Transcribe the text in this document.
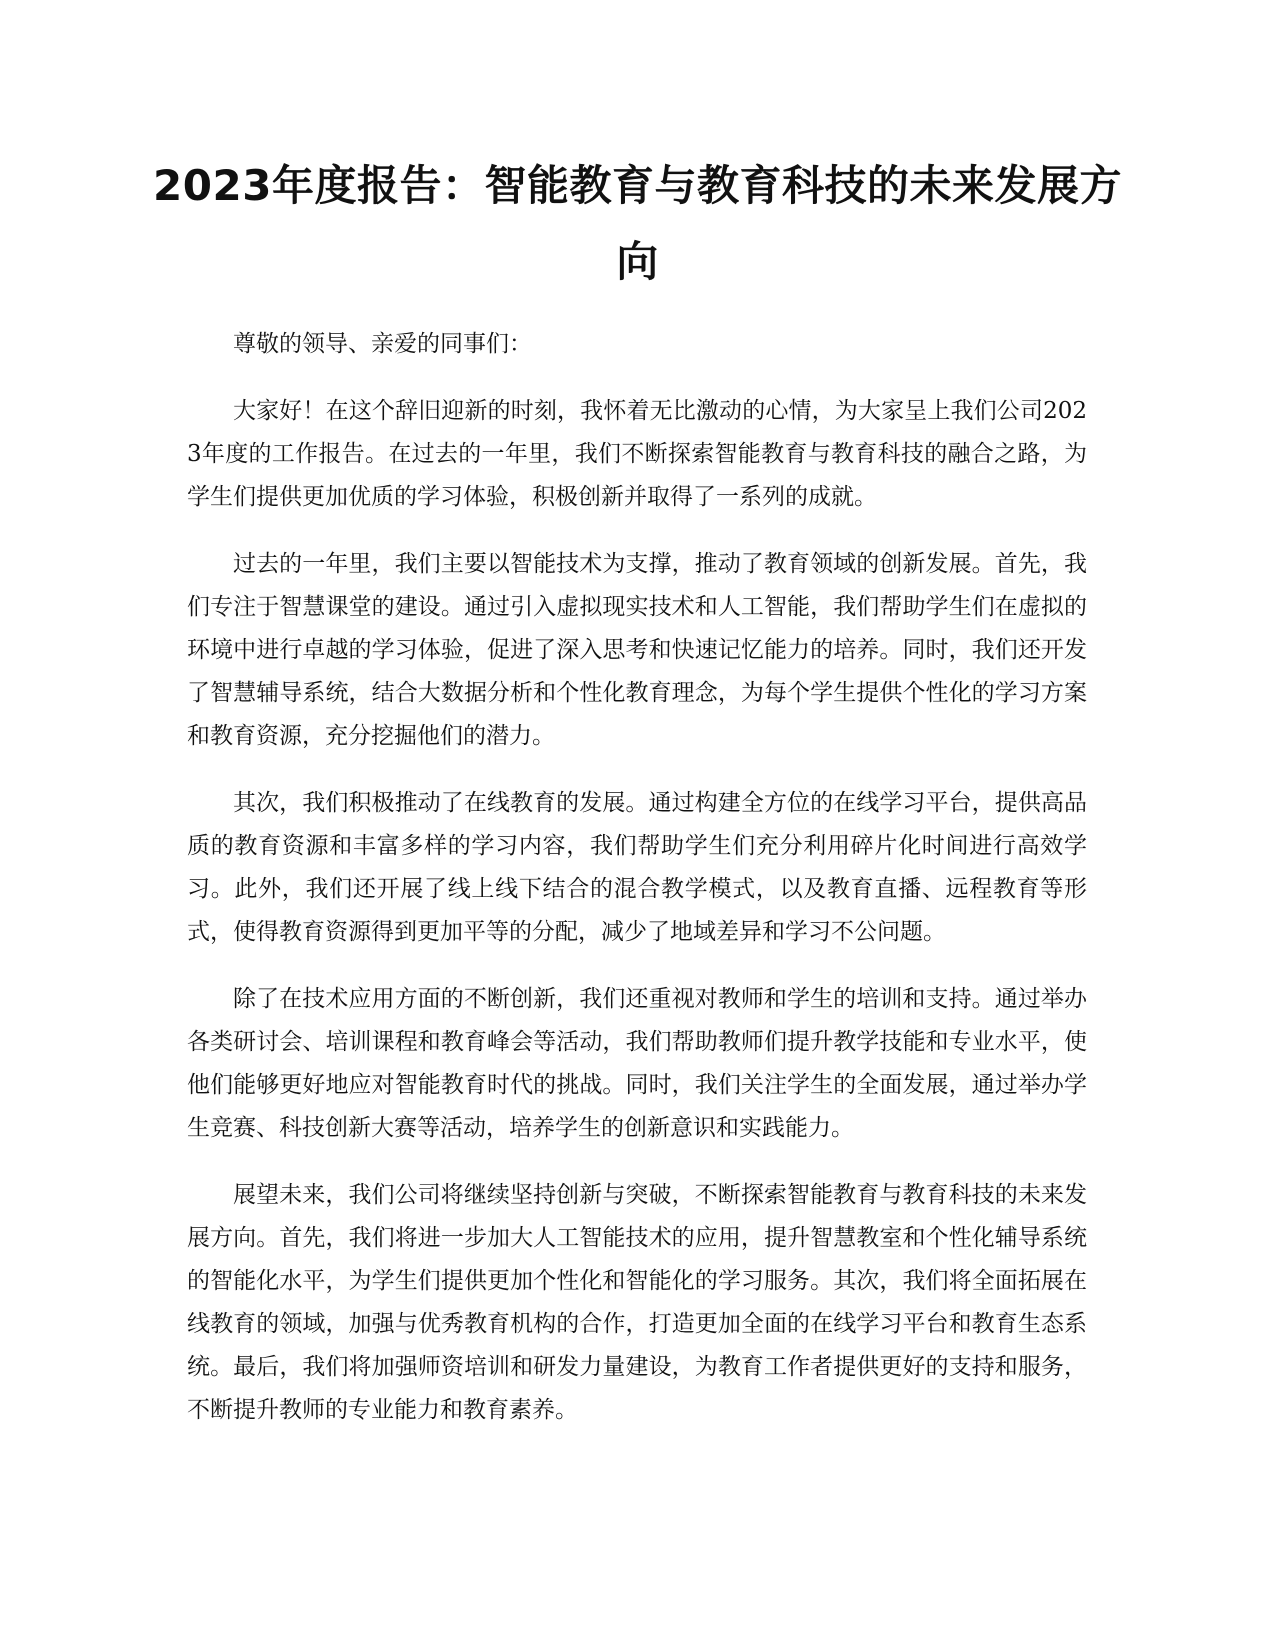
2023年度报告：智能教育与教育科技的未来发展方向

尊敬的领导、亲爱的同事们：

大家好！在这个辞旧迎新的时刻，我怀着无比激动的心情，为大家呈上我们公司2023年度的工作报告。在过去的一年里，我们不断探索智能教育与教育科技的融合之路，为学生们提供更加优质的学习体验，积极创新并取得了一系列的成就。

过去的一年里，我们主要以智能技术为支撑，推动了教育领域的创新发展。首先，我们专注于智慧课堂的建设。通过引入虚拟现实技术和人工智能，我们帮助学生们在虚拟的环境中进行卓越的学习体验，促进了深入思考和快速记忆能力的培养。同时，我们还开发了智慧辅导系统，结合大数据分析和个性化教育理念，为每个学生提供个性化的学习方案和教育资源，充分挖掘他们的潜力。

其次，我们积极推动了在线教育的发展。通过构建全方位的在线学习平台，提供高品质的教育资源和丰富多样的学习内容，我们帮助学生们充分利用碎片化时间进行高效学习。此外，我们还开展了线上线下结合的混合教学模式，以及教育直播、远程教育等形式，使得教育资源得到更加平等的分配，减少了地域差异和学习不公问题。

除了在技术应用方面的不断创新，我们还重视对教师和学生的培训和支持。通过举办各类研讨会、培训课程和教育峰会等活动，我们帮助教师们提升教学技能和专业水平，使他们能够更好地应对智能教育时代的挑战。同时，我们关注学生的全面发展，通过举办学生竞赛、科技创新大赛等活动，培养学生的创新意识和实践能力。

展望未来，我们公司将继续坚持创新与突破，不断探索智能教育与教育科技的未来发展方向。首先，我们将进一步加大人工智能技术的应用，提升智慧教室和个性化辅导系统的智能化水平，为学生们提供更加个性化和智能化的学习服务。其次，我们将全面拓展在线教育的领域，加强与优秀教育机构的合作，打造更加全面的在线学习平台和教育生态系统。最后，我们将加强师资培训和研发力量建设，为教育工作者提供更好的支持和服务，不断提升教师的专业能力和教育素养。
